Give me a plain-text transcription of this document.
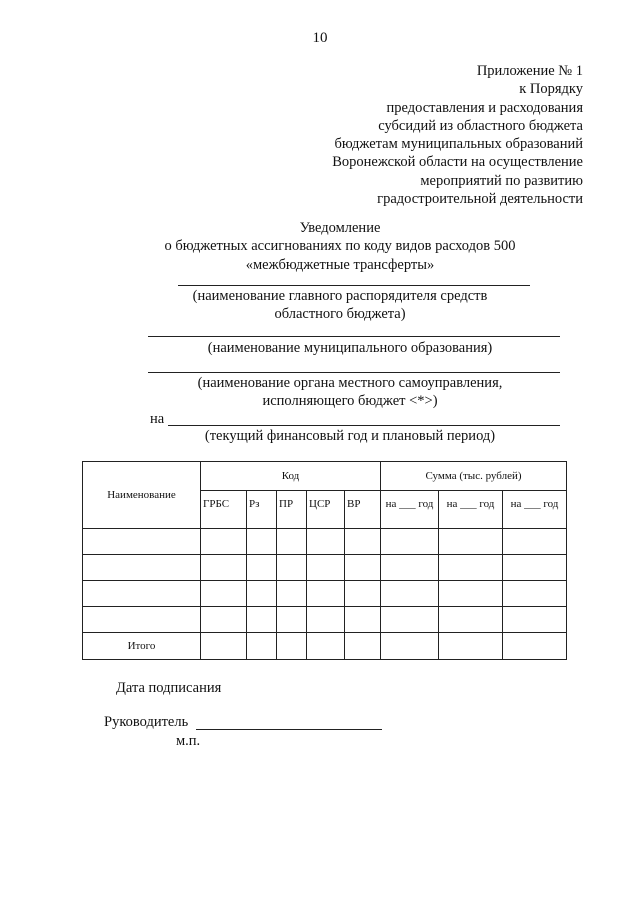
10
Приложение № 1
к Порядку
предоставления и расходования
субсидий из областного бюджета
бюджетам муниципальных образований
Воронежской области на осуществление
мероприятий по развитию
градостроительной деятельности
Уведомление
о бюджетных ассигнованиях по коду видов расходов 500
«межбюджетные трансферты»
(наименование главного распорядителя средств
областного бюджета)
(наименование муниципального образования)
(наименование органа местного самоуправления,
исполняющего бюджет <*>)
на
(текущий финансовый год и плановый период)
Наименование	Код					Сумма (тыс. рублей)		
	ГРБС	Рз	ПР	ЦСР	ВР	на ___ год	на ___ год	на ___ год

Итого								
Дата подписания
Руководитель
м.п.
